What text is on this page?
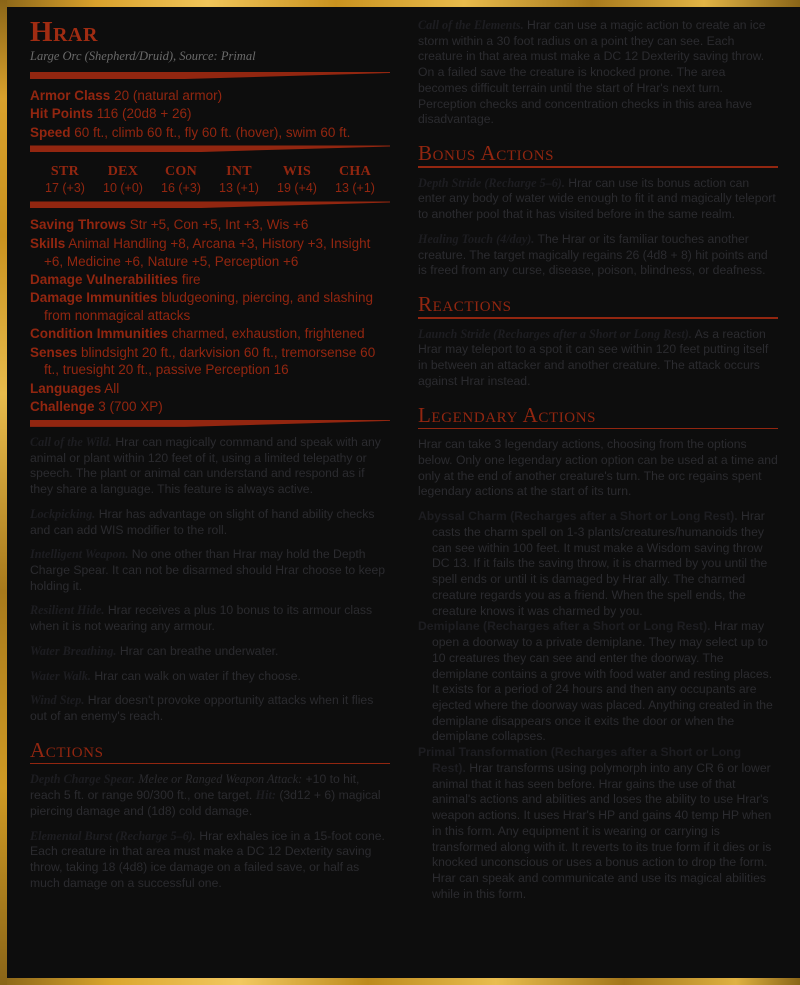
Hrar
Large Orc (Shepherd/Druid), Source: Primal
Armor Class 20 (natural armor)
Hit Points 116 (20d8 + 26)
Speed 60 ft., climb 60 ft., fly 60 ft. (hover), swim 60 ft.
STR
17 (+3)
DEX
10 (+0)
CON
16 (+3)
INT
13 (+1)
WIS
19 (+4)
CHA
13 (+1)
Saving Throws Str +5, Con +5, Int +3, Wis +6
Skills Animal Handling +8, Arcana +3, History +3, Insight +6, Medicine +6, Nature +5, Perception +6
Damage Vulnerabilities fire
Damage Immunities bludgeoning, piercing, and slashing from nonmagical attacks
Condition Immunities charmed, exhaustion, frightened
Senses blindsight 20 ft., darkvision 60 ft., tremorsense 60 ft., truesight 20 ft., passive Perception 16
Languages All
Challenge 3 (700 XP)

Call of the Wild. Hrar can magically command and speak with any animal or plant within 120 feet of it, using a limited telepathy or speech. The plant or animal can understand and respond as if they share a language. This feature is always active.

Lockpicking. Hrar has advantage on slight of hand ability checks and can add WIS modifier to the roll.

Intelligent Weapon. No one other than Hrar may hold the Depth Charge Spear. It can not be disarmed should Hrar choose to keep holding it.

Resilient Hide. Hrar receives a plus 10 bonus to its armour class when it is not wearing any armour.

Water Breathing. Hrar can breathe underwater.

Water Walk. Hrar can walk on water if they choose.

Wind Step. Hrar doesn't provoke opportunity attacks when it flies out of an enemy's reach.

Actions

Depth Charge Spear. Melee or Ranged Weapon Attack: +10 to hit, reach 5 ft. or range 90/300 ft., one target. Hit: (3d12 + 6) magical piercing damage and (1d8) cold damage.

Elemental Burst (Recharge 5–6). Hrar exhales ice in a 15-foot cone. Each creature in that area must make a DC 12 Dexterity saving throw, taking 18 (4d8) ice damage on a failed save, or half as much damage on a successful one.

Call of the Elements. Hrar can use a magic action to create an ice storm within a 30 foot radius on a point they can see. Each creature in that area must make a DC 12 Dexterity saving throw. On a failed save the creature is knocked prone. The area becomes difficult terrain until the start of Hrar's next turn. Perception checks and concentration checks in this area have disadvantage.

Bonus Actions

Depth Stride (Recharge 5–6). Hrar can use its bonus action can enter any body of water wide enough to fit it and magically teleport to another pool that it has visited before in the same realm.

Healing Touch (4/day). The Hrar or its familiar touches another creature. The target magically regains 26 (4d8 + 8) hit points and is freed from any curse, disease, poison, blindness, or deafness.

Reactions

Launch Stride (Recharges after a Short or Long Rest). As a reaction Hrar may teleport to a spot it can see within 120 feet putting itself in between an attacker and another creature. The attack occurs against Hrar instead.

Legendary Actions

Hrar can take 3 legendary actions, choosing from the options below. Only one legendary action option can be used at a time and only at the end of another creature's turn. The orc regains spent legendary actions at the start of its turn.

Abyssal Charm (Recharges after a Short or Long Rest). Hrar casts the charm spell on 1-3 plants/creatures/humanoids they can see within 100 feet. It must make a Wisdom saving throw DC 13. If it fails the saving throw, it is charmed by you until the spell ends or until it is damaged by Hrar ally. The charmed creature regards you as a friend. When the spell ends, the creature knows it was charmed by you.

Demiplane (Recharges after a Short or Long Rest). Hrar may open a doorway to a private demiplane. They may select up to 10 creatures they can see and enter the doorway. The demiplane contains a grove with food water and resting places. It exists for a period of 24 hours and then any occupants are ejected where the doorway was placed. Anything created in the demiplane disappears once it exits the door or when the demiplane collapses.

Primal Transformation (Recharges after a Short or Long Rest). Hrar transforms using polymorph into any CR 6 or lower animal that it has seen before. Hrar gains the use of that animal's actions and abilities and loses the ability to use Hrar's weapon actions. It uses Hrar's HP and gains 40 temp HP when in this form. Any equipment it is wearing or carrying is transformed along with it. It reverts to its true form if it dies or is knocked unconscious or uses a bonus action to drop the form. Hrar can speak and communicate and use its magical abilities while in this form.
